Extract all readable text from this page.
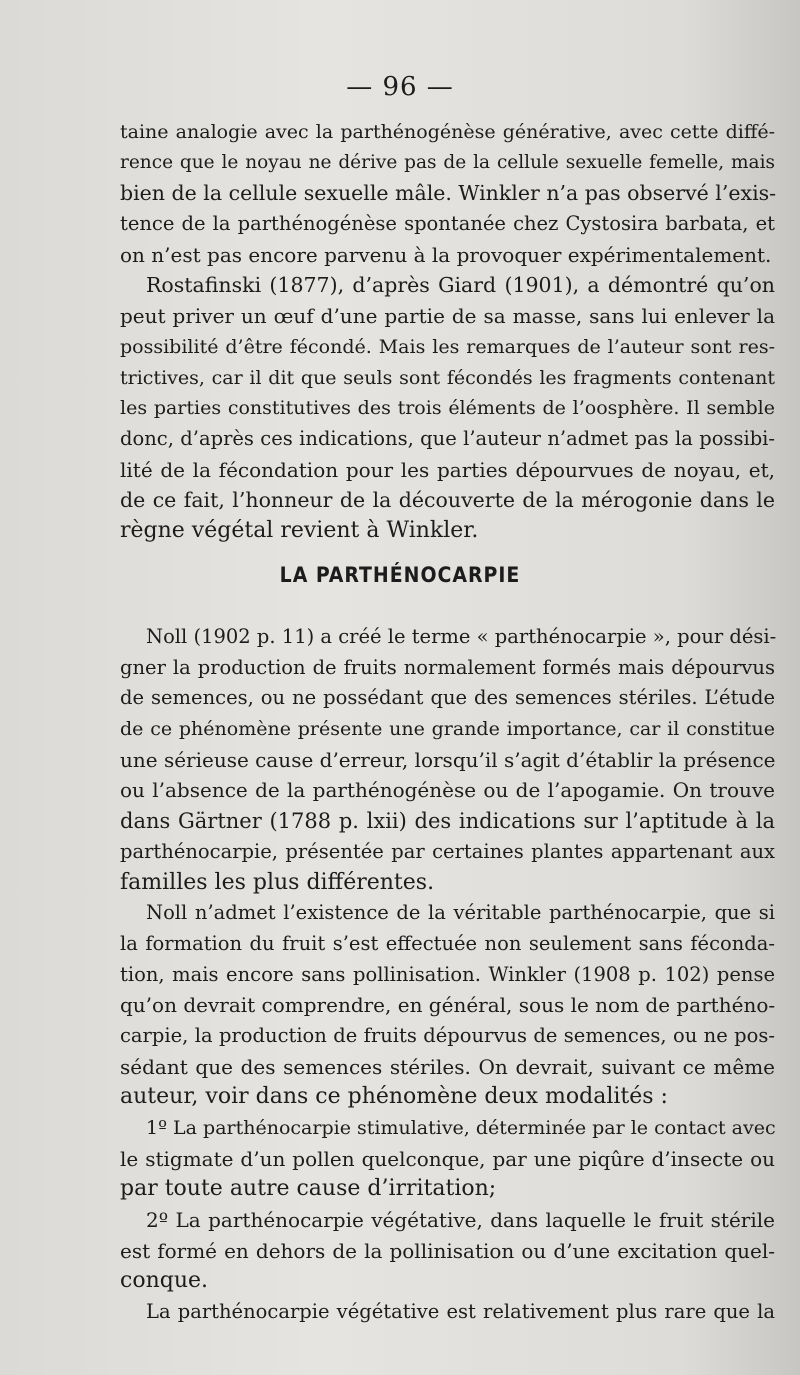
— 96 —
taine analogie avec la parthénogénèse générative, avec cette diffé-
rence que le noyau ne dérive pas de la cellule sexuelle femelle, mais
bien de la cellule sexuelle mâle. Winkler n’a pas observé l’exis-
tence de la parthénogénèse spontanée chez Cystosira barbata, et
on n’est pas encore parvenu à la provoquer expérimentalement.
Rostafinski (1877), d’après Giard (1901), a démontré qu’on
peut priver un œuf d’une partie de sa masse, sans lui enlever la
possibilité d’être fécondé. Mais les remarques de l’auteur sont res-
trictives, car il dit que seuls sont fécondés les fragments contenant
les parties constitutives des trois éléments de l’oosphère. Il semble
donc, d’après ces indications, que l’auteur n’admet pas la possibi-
lité de la fécondation pour les parties dépourvues de noyau, et,
de ce fait, l’honneur de la découverte de la mérogonie dans le
règne végétal revient à Winkler.
LA PARTHÉNOCARPIE
Noll (1902 p. 11) a créé le terme « parthénocarpie », pour dési-
gner la production de fruits normalement formés mais dépourvus
de semences, ou ne possédant que des semences stériles. L’étude
de ce phénomène présente une grande importance, car il constitue
une sérieuse cause d’erreur, lorsqu’il s’agit d’établir la présence
ou l’absence de la parthénogénèse ou de l’apogamie. On trouve
dans Gärtner (1788 p. lxii) des indications sur l’aptitude à la
parthénocarpie, présentée par certaines plantes appartenant aux
familles les plus différentes.
Noll n’admet l’existence de la véritable parthénocarpie, que si
la formation du fruit s’est effectuée non seulement sans féconda-
tion, mais encore sans pollinisation. Winkler (1908 p. 102) pense
qu’on devrait comprendre, en général, sous le nom de parthéno-
carpie, la production de fruits dépourvus de semences, ou ne pos-
sédant que des semences stériles. On devrait, suivant ce même
auteur, voir dans ce phénomène deux modalités :
1º La parthénocarpie stimulative, déterminée par le contact avec
le stigmate d’un pollen quelconque, par une piqûre d’insecte ou
par toute autre cause d’irritation;
2º La parthénocarpie végétative, dans laquelle le fruit stérile
est formé en dehors de la pollinisation ou d’une excitation quel-
conque.
La parthénocarpie végétative est relativement plus rare que la
